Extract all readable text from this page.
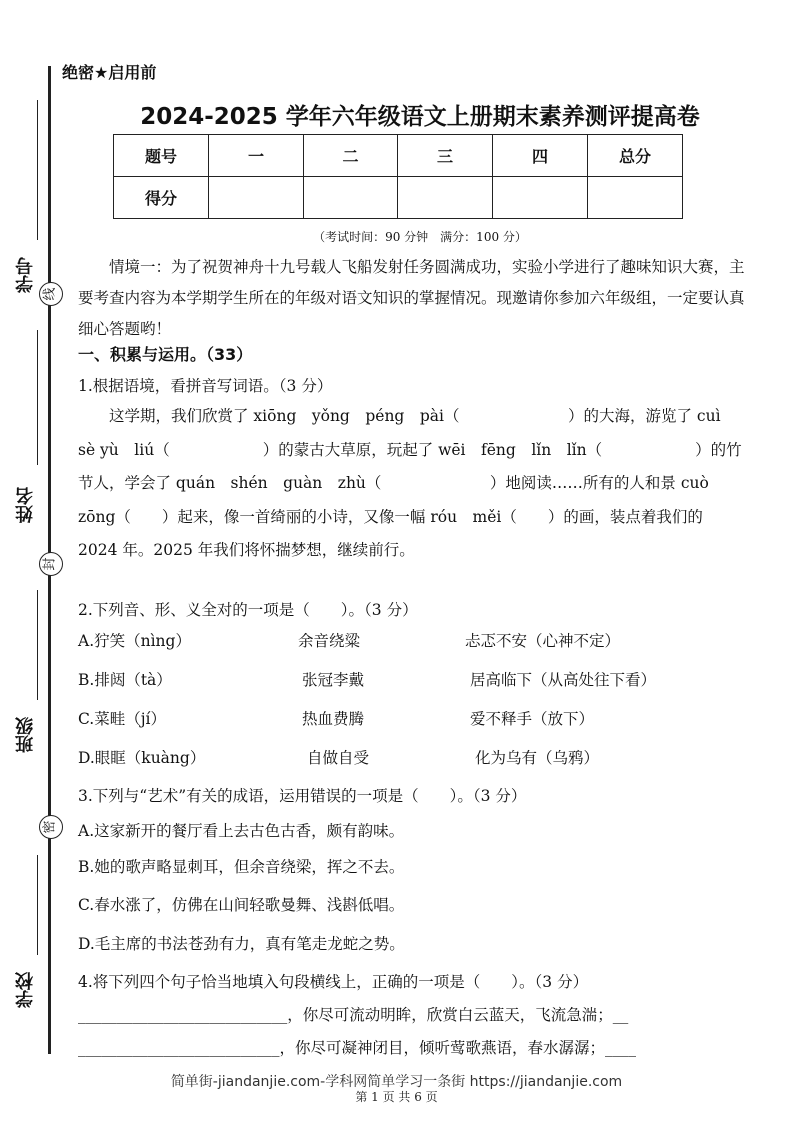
学号
线
姓名
封
班级
密
学校
绝密★启用前
2024-2025 学年六年级语文上册期末素养测评提高卷
题号	一	二	三	四	总分
得分					
（考试时间：90 分钟　满分：100 分）
情境一：为了祝贺神舟十九号载人飞船发射任务圆满成功，实验小学进行了趣味知识大赛，主要考查内容为本学期学生所在的年级对语文知识的掌握情况。现邀请你参加六年级组，一定要认真细心答题哟！
一、积累与运用。（33）
1.根据语境，看拼音写词语。（3 分）
这学期，我们欣赏了 xiōng　yǒng　péng　pài（　　　　　　　）的大海，游览了 cuì　sè yù　liú（　　　　　　）的蒙古大草原，玩起了 wēi　fēng　lǐn　lǐn（　　　　　　）的竹节人，学会了 quán　shén　guàn　zhù（　　　　　　　）地阅读……所有的人和景 cuò　zōng（　　）起来，像一首绮丽的小诗，又像一幅 róu　měi（　　）的画，装点着我们的 2024 年。2025 年我们将怀揣梦想，继续前行。
2.下列音、形、义全对的一项是（　　）。（3 分）
A.狞笑（nìng）	余音绕粱	忐忑不安（心神不定）
B.排闼（tà）	张冠李戴	居高临下（从高处往下看）
C.菜畦（jí）	热血费腾	爱不释手（放下）
D.眼眶（kuàng）	自做自受	化为乌有（乌鸦）
3.下列与“艺术”有关的成语，运用错误的一项是（　　）。（3 分）
A.这家新开的餐厅看上去古色古香，颇有韵味。
B.她的歌声略显刺耳，但余音绕梁，挥之不去。
C.春水涨了，仿佛在山间轻歌曼舞、浅斟低唱。
D.毛主席的书法苍劲有力，真有笔走龙蛇之势。
4.将下列四个句子恰当地填入句段横线上，正确的一项是（　　）。（3 分）
___________________________，你尽可流动明眸，欣赏白云蓝天，飞流急湍；__
__________________________，你尽可凝神闭目，倾听莺歌燕语，春水潺潺；____
简单街-jiandanjie.com-学科网简单学习一条街 https://jiandanjie.com
第 1 页 共 6 页
